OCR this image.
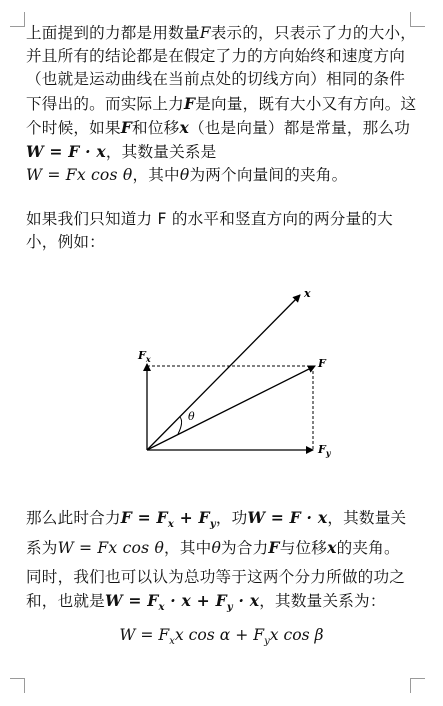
上面提到的力都是用数量F表示的，只表示了力的大小，并且所有的结论都是在假定了力的方向始终和速度方向（也就是运动曲线在当前点处的切线方向）相同的条件下得出的。而实际上力F是向量，既有大小又有方向。这个时候，如果F和位移x（也是向量）都是常量，那么功W = F · x，其数量关系是
W = Fx cos θ，其中θ为两个向量间的夹角。
如果我们只知道力 F 的水平和竖直方向的两分量的大小，例如：
x
F
$F_x$
$F_y$
θ
那么此时合力$F = F_x + F_y$，功W = F · x，其数量关系为W = Fx cos θ，其中θ为合力F与位移x的夹角。
同时，我们也可以认为总功等于这两个分力所做的功之和，也就是$W = F_x \cdot x + F_y \cdot x$，其数量关系为：
$W = F_xx$ $\cos \alpha + F_yx$ cos β
